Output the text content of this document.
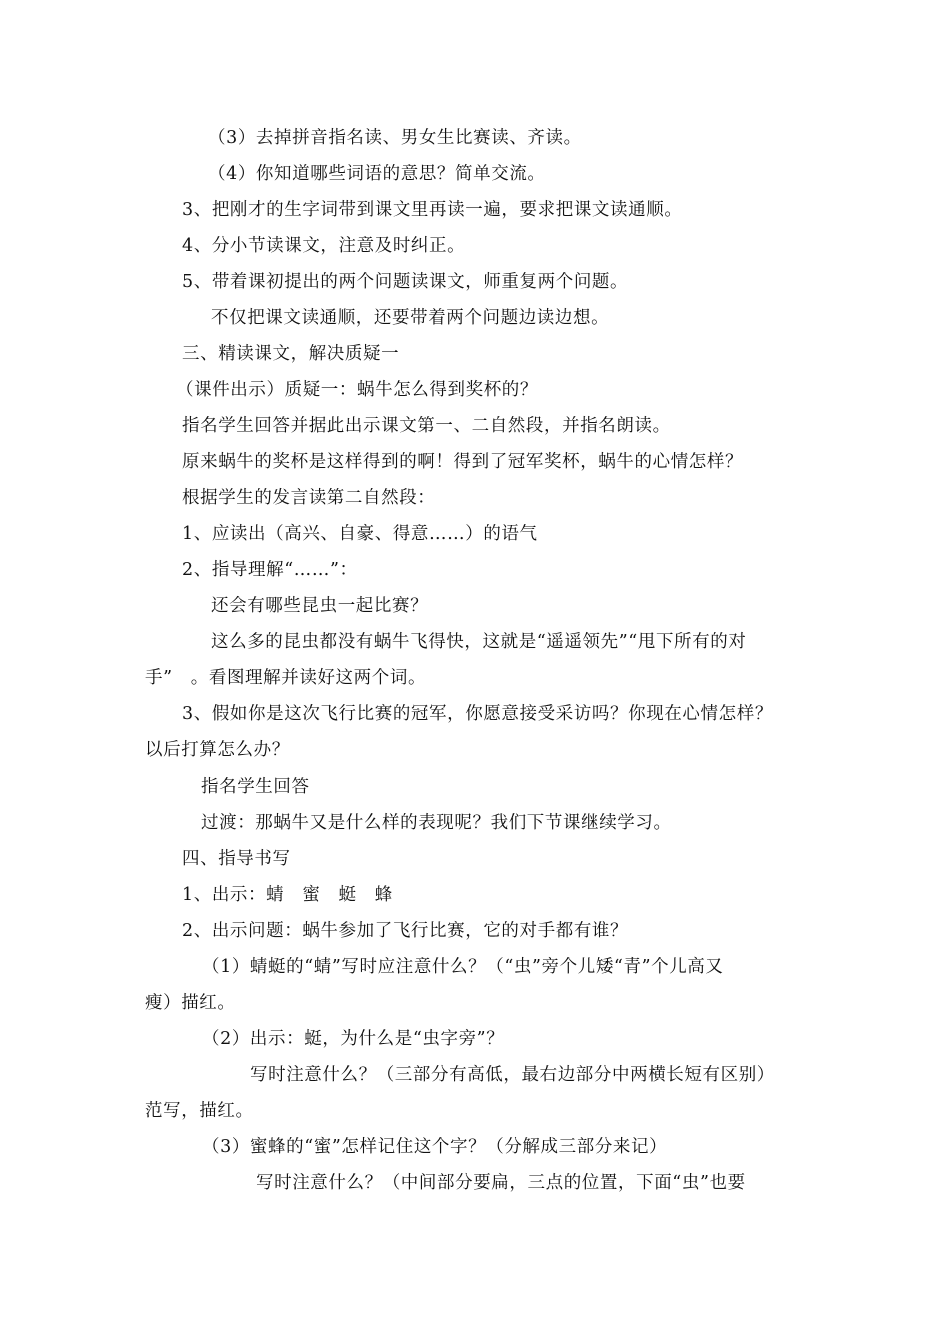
（3）去掉拼音指名读、男女生比赛读、齐读。
（4）你知道哪些词语的意思？简单交流。
3、把刚才的生字词带到课文里再读一遍，要求把课文读通顺。
4、分小节读课文，注意及时纠正。
5、带着课初提出的两个问题读课文，师重复两个问题。
不仅把课文读通顺，还要带着两个问题边读边想。
三、精读课文，解决质疑一
（课件出示）质疑一：蜗牛怎么得到奖杯的？
指名学生回答并据此出示课文第一、二自然段，并指名朗读。
原来蜗牛的奖杯是这样得到的啊！得到了冠军奖杯，蜗牛的心情怎样？
根据学生的发言读第二自然段：
1、应读出（高兴、自豪、得意……）的语气
2、指导理解“……”：
还会有哪些昆虫一起比赛？
这么多的昆虫都没有蜗牛飞得快，这就是“遥遥领先”“甩下所有的对
手”　。看图理解并读好这两个词。
3、假如你是这次飞行比赛的冠军，你愿意接受采访吗？你现在心情怎样？
以后打算怎么办？
指名学生回答
过渡：那蜗牛又是什么样的表现呢？我们下节课继续学习。
四、指导书写
1、出示：蜻　蜜　蜓　蜂
2、出示问题：蜗牛参加了飞行比赛，它的对手都有谁？
（1）蜻蜓的“蜻”写时应注意什么？（“虫”旁个儿矮“青”个儿高又
瘦）描红。
（2）出示：蜓，为什么是“虫字旁”？
写时注意什么？（三部分有高低，最右边部分中两横长短有区别）
范写，描红。
（3）蜜蜂的“蜜”怎样记住这个字？（分解成三部分来记）
写时注意什么？（中间部分要扁，三点的位置，下面“虫”也要
